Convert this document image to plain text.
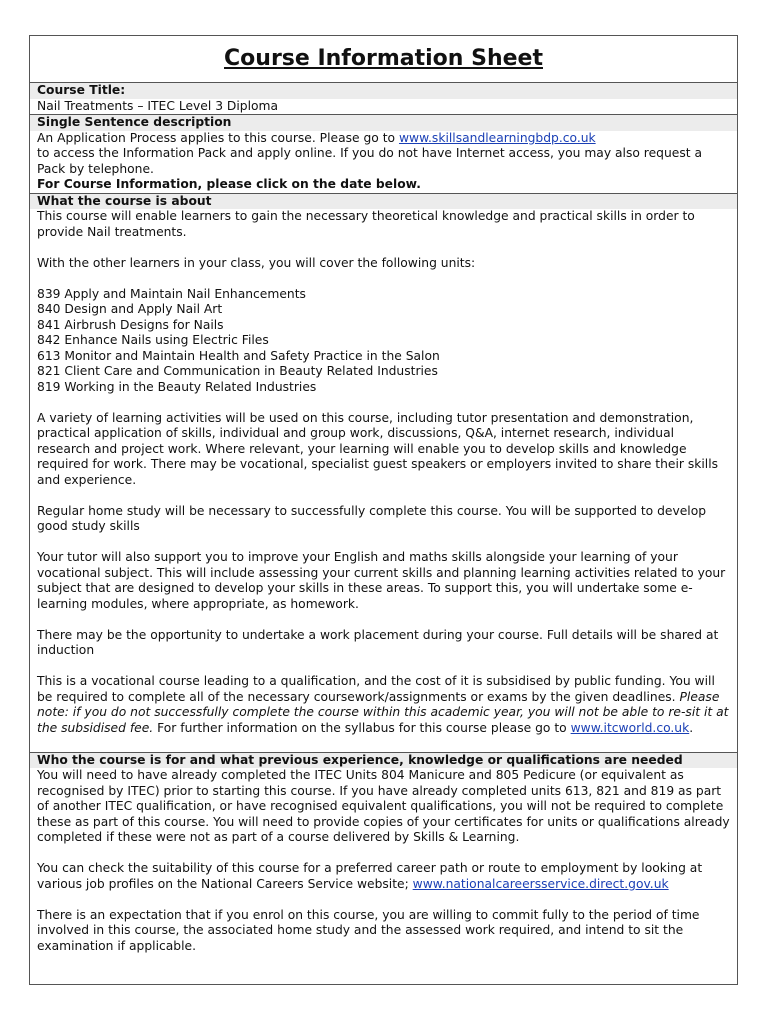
Course Information Sheet
Course Title:

Nail Treatments – ITEC Level 3 Diploma

Single Sentence description

An Application Process applies to this course. Please go to www.skillsandlearningbdp.co.uk
to access the Information Pack and apply online. If you do not have Internet access, you may also request a Pack by telephone.

For Course Information, please click on the date below.

What the course is about

This course will enable learners to gain the necessary theoretical knowledge and practical skills in order to provide Nail treatments.

With the other learners in your class, you will cover the following units:

839 Apply and Maintain Nail Enhancements

840 Design and Apply Nail Art

841 Airbrush Designs for Nails

842 Enhance Nails using Electric Files

613 Monitor and Maintain Health and Safety Practice in the Salon

821 Client Care and Communication in Beauty Related Industries

819 Working in the Beauty Related Industries

A variety of learning activities will be used on this course, including tutor presentation and demonstration, practical application of skills, individual and group work, discussions, Q&A, internet research, individual research and project work. Where relevant, your learning will enable you to develop skills and knowledge required for work. There may be vocational, specialist guest speakers or employers invited to share their skills and experience.

Regular home study will be necessary to successfully complete this course. You will be supported to develop good study skills

Your tutor will also support you to improve your English and maths skills alongside your learning of your vocational subject. This will include assessing your current skills and planning learning activities related to your subject that are designed to develop your skills in these areas. To support this, you will undertake some e-learning modules, where appropriate, as homework.

There may be the opportunity to undertake a work placement during your course. Full details will be shared at induction

This is a vocational course leading to a qualification, and the cost of it is subsidised by public funding. You will be required to complete all of the necessary coursework/assignments or exams by the given deadlines. Please note: if you do not successfully complete the course within this academic year, you will not be able to re-sit it at the subsidised fee. For further information on the syllabus for this course please go to www.itcworld.co.uk.

Who the course is for and what previous experience, knowledge or qualifications are needed

You will need to have already completed the ITEC Units 804 Manicure and 805 Pedicure (or equivalent as recognised by ITEC) prior to starting this course. If you have already completed units 613, 821 and 819 as part of another ITEC qualification, or have recognised equivalent qualifications, you will not be required to complete these as part of this course. You will need to provide copies of your certificates for units or qualifications already completed if these were not as part of a course delivered by Skills & Learning.

You can check the suitability of this course for a preferred career path or route to employment by looking at various job profiles on the National Careers Service website; www.nationalcareersservice.direct.gov.uk

There is an expectation that if you enrol on this course, you are willing to commit fully to the period of time involved in this course, the associated home study and the assessed work required, and intend to sit the examination if applicable.
